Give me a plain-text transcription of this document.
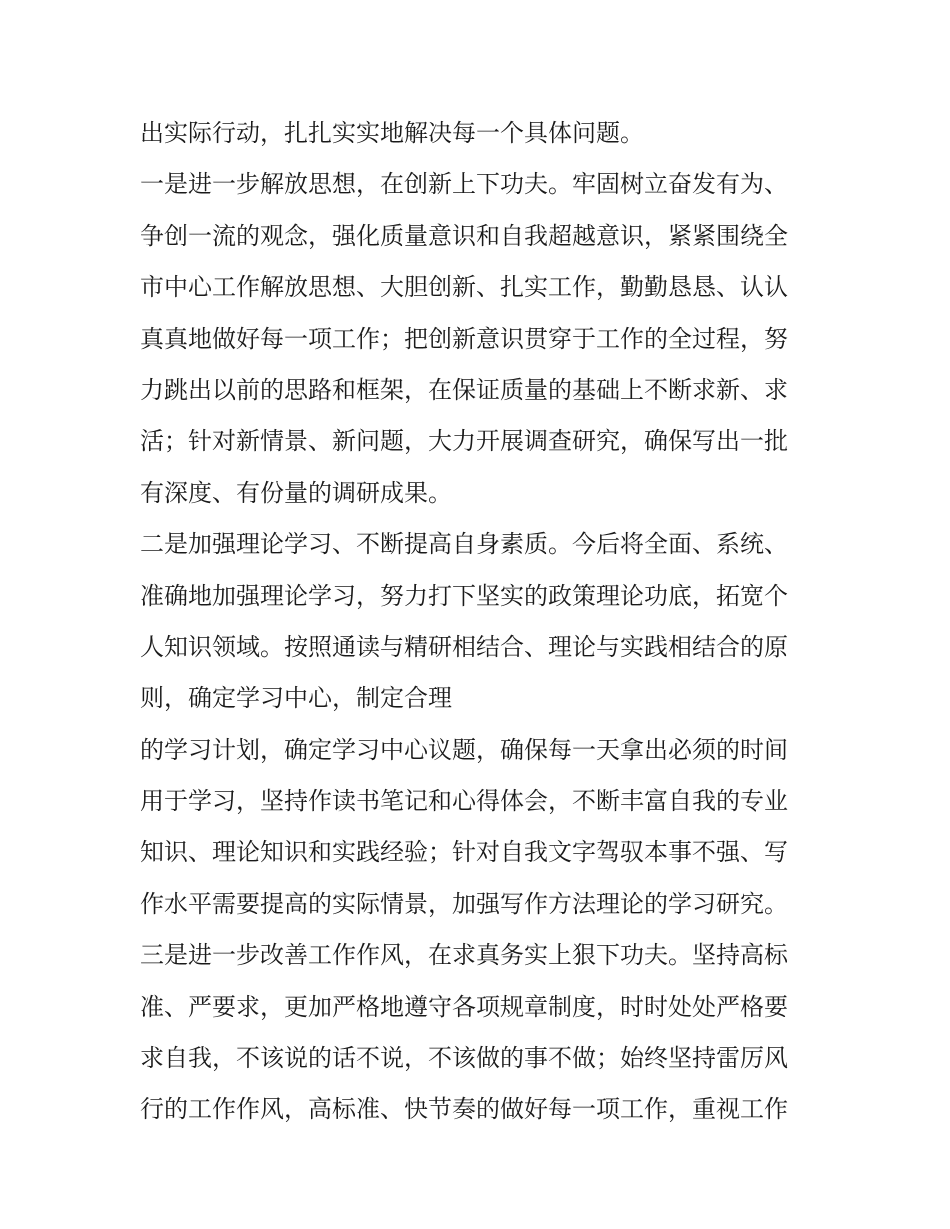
出实际行动，扎扎实实地解决每一个具体问题。
一是进一步解放思想，在创新上下功夫。牢固树立奋发有为、
争创一流的观念，强化质量意识和自我超越意识，紧紧围绕全
市中心工作解放思想、大胆创新、扎实工作，勤勤恳恳、认认
真真地做好每一项工作；把创新意识贯穿于工作的全过程，努
力跳出以前的思路和框架，在保证质量的基础上不断求新、求
活；针对新情景、新问题，大力开展调查研究，确保写出一批
有深度、有份量的调研成果。
二是加强理论学习、不断提高自身素质。今后将全面、系统、
准确地加强理论学习，努力打下坚实的政策理论功底，拓宽个
人知识领域。按照通读与精研相结合、理论与实践相结合的原
则，确定学习中心，制定合理
的学习计划，确定学习中心议题，确保每一天拿出必须的时间
用于学习，坚持作读书笔记和心得体会，不断丰富自我的专业
知识、理论知识和实践经验；针对自我文字驾驭本事不强、写
作水平需要提高的实际情景，加强写作方法理论的学习研究。
三是进一步改善工作作风，在求真务实上狠下功夫。坚持高标
准、严要求，更加严格地遵守各项规章制度，时时处处严格要
求自我，不该说的话不说，不该做的事不做；始终坚持雷厉风
行的工作作风，高标准、快节奏的做好每一项工作，重视工作
